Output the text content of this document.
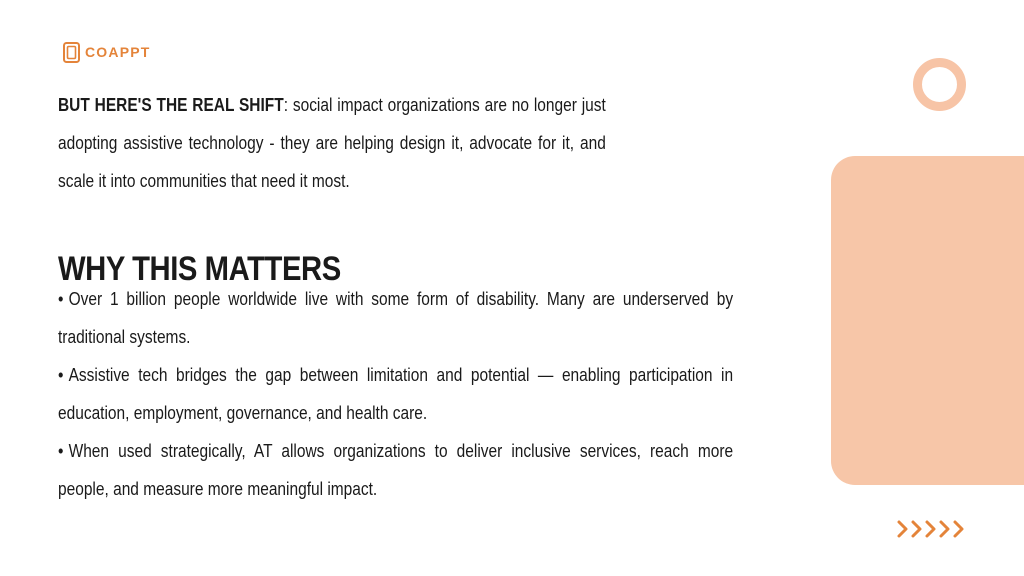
COAPPT

BUT HERE'S THE REAL SHIFT: social impact organizations are no longer just adopting assistive technology - they are helping design it, advocate for it, and scale it into communities that need it most.

WHY THIS MATTERS
• Over 1 billion people worldwide live with some form of disability. Many are underserved by traditional systems.
• Assistive tech bridges the gap between limitation and potential — enabling participation in education, employment, governance, and health care.
• When used strategically, AT allows organizations to deliver inclusive services, reach more people, and measure more meaningful impact.
